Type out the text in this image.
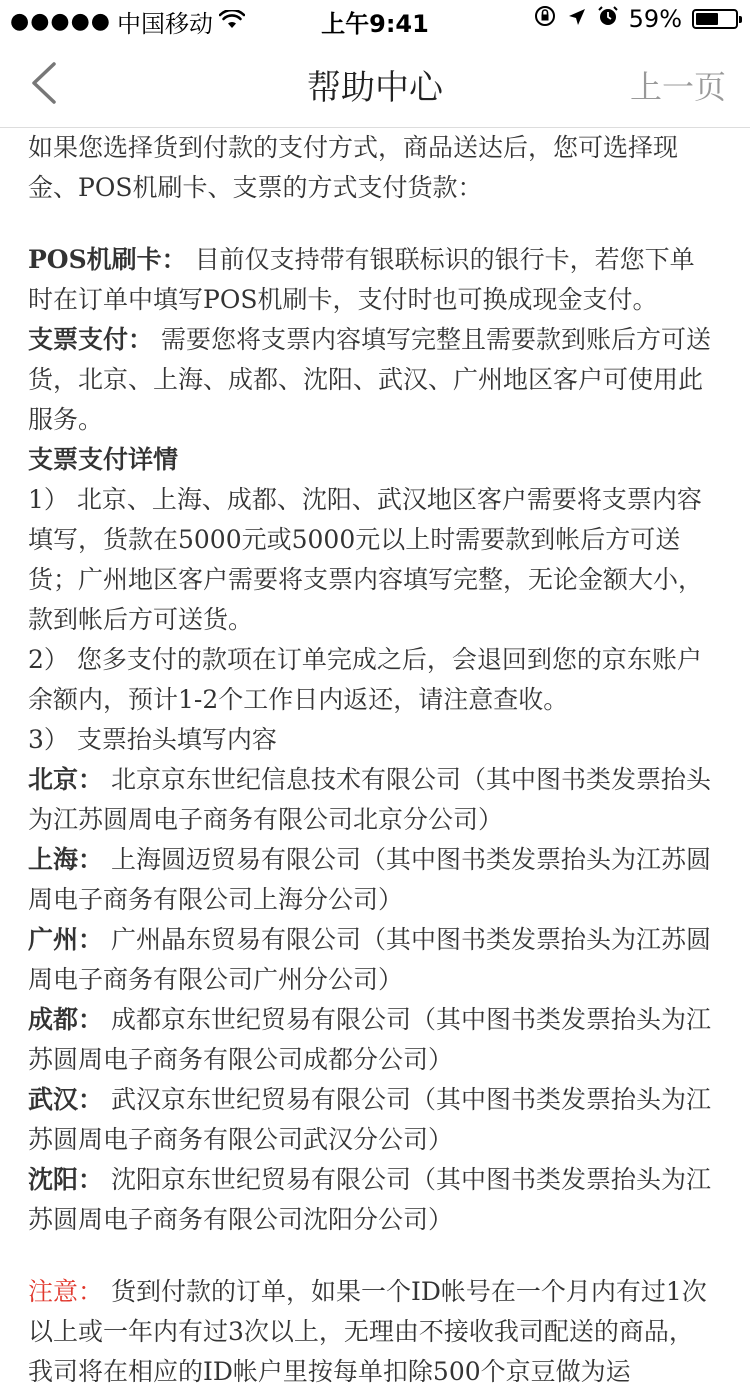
●●●●● 中国移动	上午9:41	59%
帮助中心	上一页

如果您选择货到付款的支付方式，商品送达后，您可选择现金、POS机刷卡、支票的方式支付货款：

POS机刷卡： 目前仅支持带有银联标识的银行卡，若您下单时在订单中填写POS机刷卡，支付时也可换成现金支付。

支票支付： 需要您将支票内容填写完整且需要款到账后方可送货，北京、上海、成都、沈阳、武汉、广州地区客户可使用此服务。

支票支付详情

1） 北京、上海、成都、沈阳、武汉地区客户需要将支票内容填写，货款在5000元或5000元以上时需要款到帐后方可送货；广州地区客户需要将支票内容填写完整，无论金额大小，款到帐后方可送货。

2） 您多支付的款项在订单完成之后，会退回到您的京东账户余额内，预计1-2个工作日内返还，请注意查收。

3） 支票抬头填写内容

北京： 北京京东世纪信息技术有限公司（其中图书类发票抬头为江苏圆周电子商务有限公司北京分公司）

上海： 上海圆迈贸易有限公司（其中图书类发票抬头为江苏圆周电子商务有限公司上海分公司）

广州： 广州晶东贸易有限公司（其中图书类发票抬头为江苏圆周电子商务有限公司广州分公司）

成都： 成都京东世纪贸易有限公司（其中图书类发票抬头为江苏圆周电子商务有限公司成都分公司）

武汉： 武汉京东世纪贸易有限公司（其中图书类发票抬头为江苏圆周电子商务有限公司武汉分公司）

沈阳： 沈阳京东世纪贸易有限公司（其中图书类发票抬头为江苏圆周电子商务有限公司沈阳分公司）

注意： 货到付款的订单，如果一个ID帐号在一个月内有过1次以上或一年内有过3次以上，无理由不接收我司配送的商品，我司将在相应的ID帐户里按每单扣除500个京豆做为运
